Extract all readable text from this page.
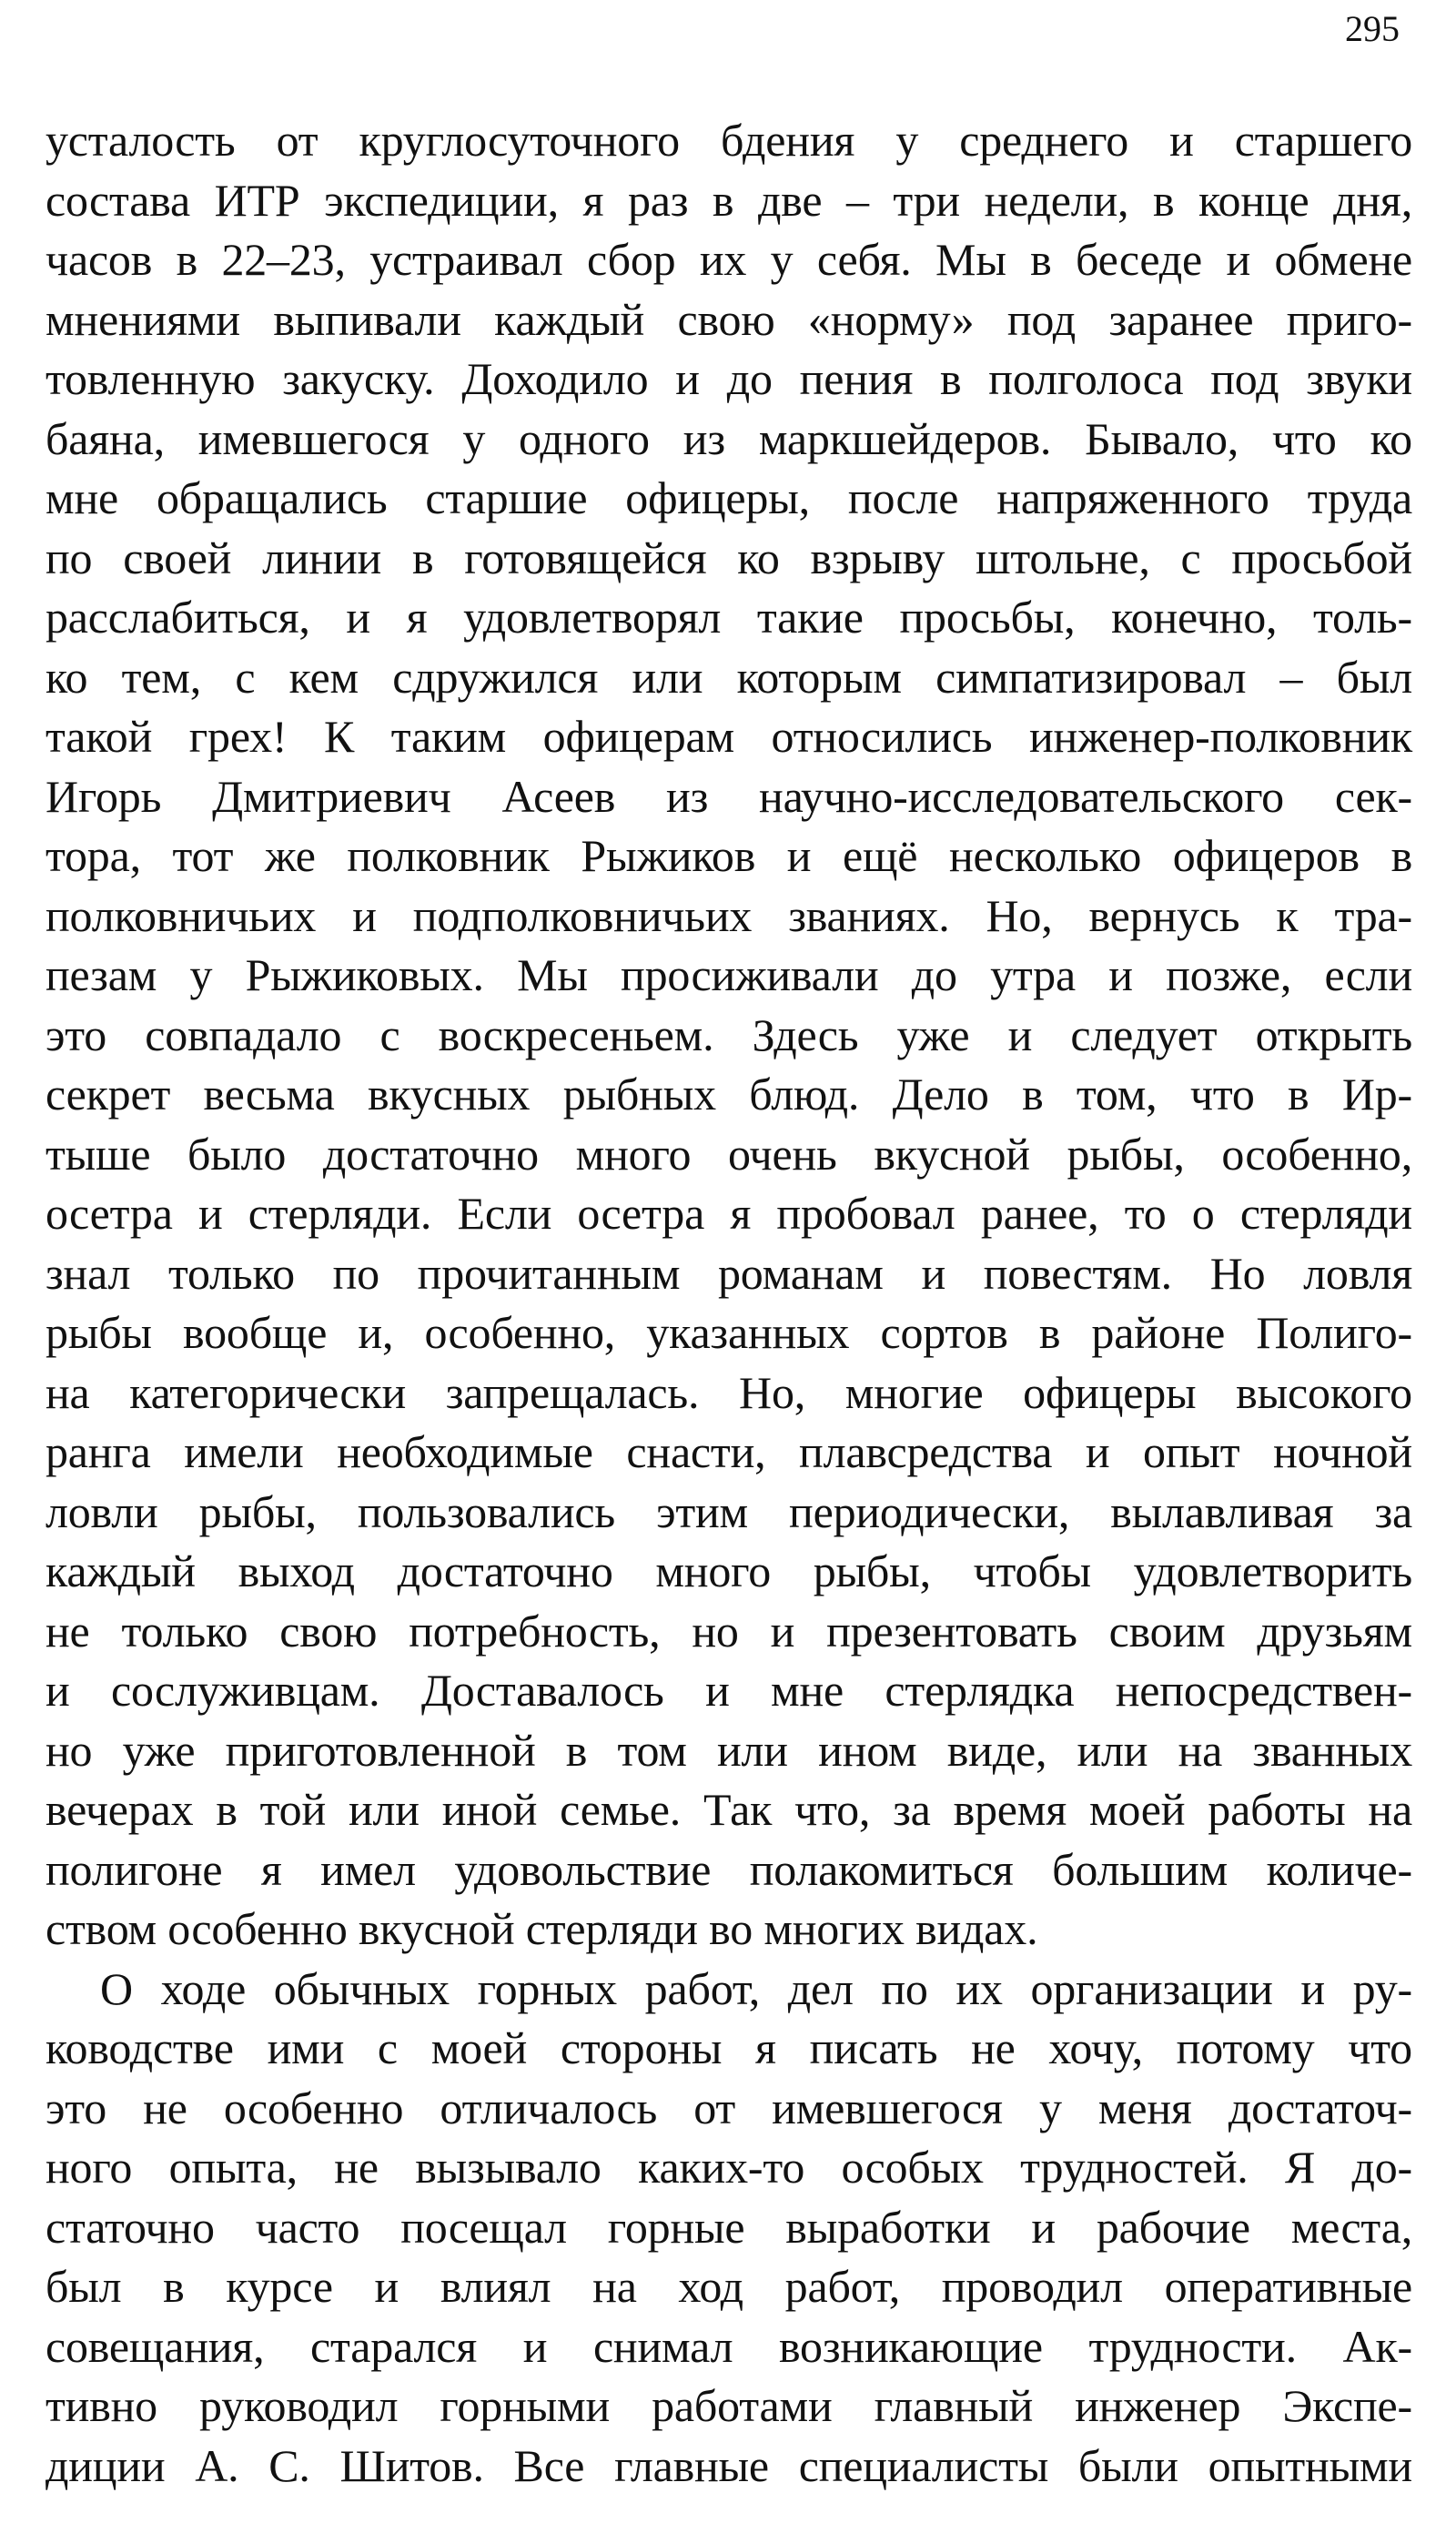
295
усталость от круглосуточного бдения у среднего и старшего
состава ИТР экспедиции, я раз в две – три недели, в конце дня,
часов в 22–23, устраивал сбор их у себя. Мы в беседе и обмене
мнениями выпивали каждый свою «норму» под заранее приго-
товленную закуску. Доходило и до пения в полголоса под звуки
баяна, имевшегося у одного из маркшейдеров. Бывало, что ко
мне обращались старшие офицеры, после напряженного труда
по своей линии в готовящейся ко взрыву штольне, с просьбой
расслабиться, и я удовлетворял такие просьбы, конечно, толь-
ко тем, с кем сдружился или которым симпатизировал – был
такой грех! К таким офицерам относились инженер-полковник
Игорь Дмитриевич Асеев из научно-исследовательского сек-
тора, тот же полковник Рыжиков и ещё несколько офицеров в
полковничьих и подполковничьих званиях. Но, вернусь к тра-
пезам у Рыжиковых. Мы просиживали до утра и позже, если
это совпадало с воскресеньем. Здесь уже и следует открыть
секрет весьма вкусных рыбных блюд. Дело в том, что в Ир-
тыше было достаточно много очень вкусной рыбы, особенно,
осетра и стерляди. Если осетра я пробовал ранее, то о стерляди
знал только по прочитанным романам и повестям. Но ловля
рыбы вообще и, особенно, указанных сортов в районе Полиго-
на категорически запрещалась. Но, многие офицеры высокого
ранга имели необходимые снасти, плавсредства и опыт ночной
ловли рыбы, пользовались этим периодически, вылавливая за
каждый выход достаточно много рыбы, чтобы удовлетворить
не только свою потребность, но и презентовать своим друзьям
и сослуживцам. Доставалось и мне стерлядка непосредствен-
но уже приготовленной в том или ином виде, или на званных
вечерах в той или иной семье. Так что, за время моей работы на
полигоне я имел удовольствие полакомиться большим количе-
ством особенно вкусной стерляди во многих видах.
О ходе обычных горных работ, дел по их организации и ру-
ководстве ими с моей стороны я писать не хочу, потому что
это не особенно отличалось от имевшегося у меня достаточ-
ного опыта, не вызывало каких-то особых трудностей. Я до-
статочно часто посещал горные выработки и рабочие места,
был в курсе и влиял на ход работ, проводил оперативные
совещания, старался и снимал возникающие трудности. Ак-
тивно руководил горными работами главный инженер Экспе-
диции А. С. Шитов. Все главные специалисты были опытными
